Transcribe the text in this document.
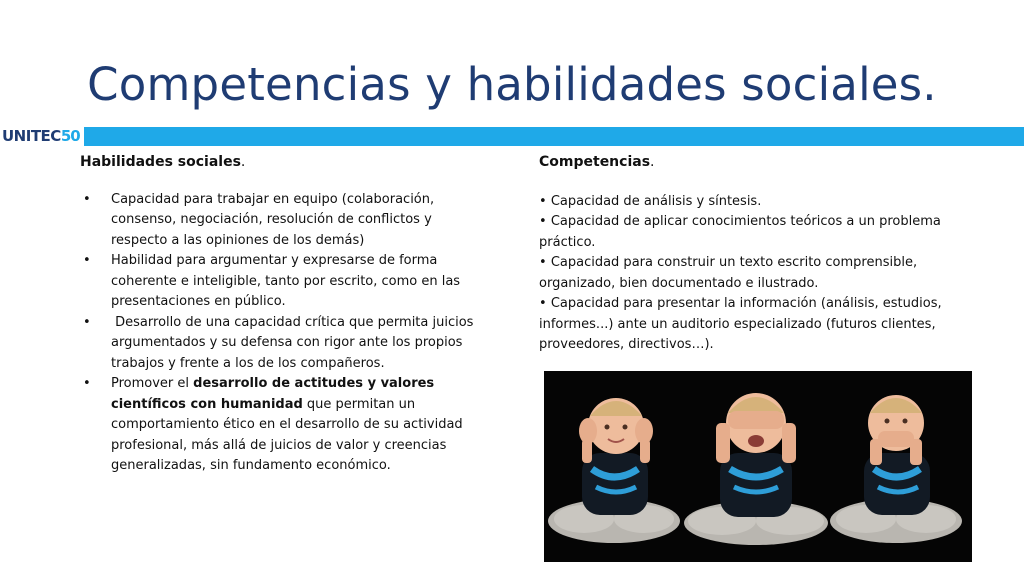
Competencias y habilidades sociales.
UNITEC 50

Habilidades sociales.

• Capacidad para trabajar en equipo (colaboración, consenso, negociación, resolución de conflictos y respecto a las opiniones de los demás)
• Habilidad para argumentar y expresarse de forma coherente e inteligible, tanto por escrito, como en las presentaciones en público.
• Desarrollo de una capacidad crítica que permita juicios argumentados y su defensa con rigor ante los propios trabajos y frente a los de los compañeros.
• Promover el desarrollo de actitudes y valores científicos con humanidad que permitan un comportamiento ético en el desarrollo de su actividad profesional, más allá de juicios de valor y creencias generalizadas, sin fundamento económico.

Competencias.

• Capacidad de análisis y síntesis.
• Capacidad de aplicar conocimientos teóricos a un problema práctico.
• Capacidad para construir un texto escrito comprensible, organizado, bien documentado e ilustrado.
• Capacidad para presentar la información (análisis, estudios, informes...) ante un auditorio especializado (futuros clientes, proveedores, directivos…).
